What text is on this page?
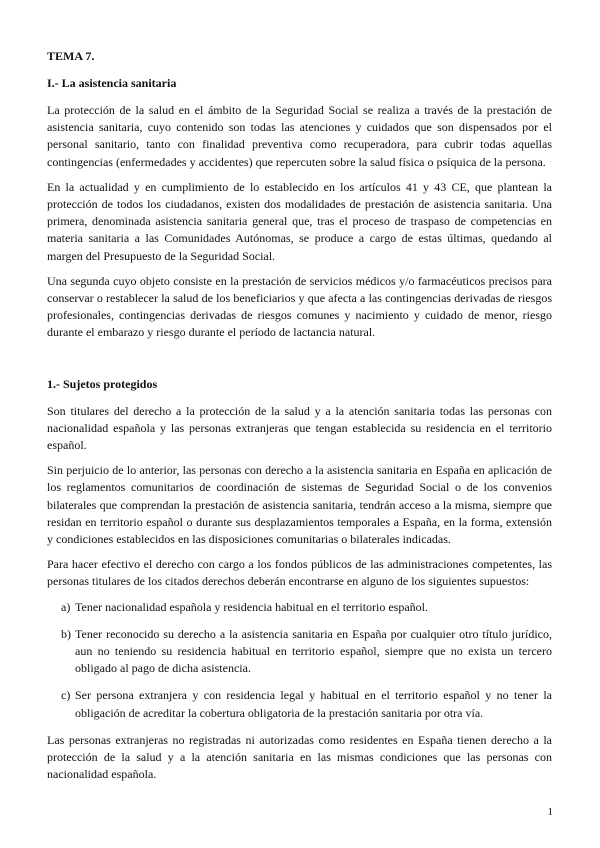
TEMA 7.
I.- La asistencia sanitaria

La protección de la salud en el ámbito de la Seguridad Social se realiza a través de la prestación de asistencia sanitaria, cuyo contenido son todas las atenciones y cuidados que son dispensados por el personal sanitario, tanto con finalidad preventiva como recuperadora, para cubrir todas aquellas contingencias (enfermedades y accidentes) que repercuten sobre la salud física o psíquica de la persona.

En la actualidad y en cumplimiento de lo establecido en los artículos 41 y 43 CE, que plantean la protección de todos los ciudadanos, existen dos modalidades de prestación de asistencia sanitaria. Una primera, denominada asistencia sanitaria general que, tras el proceso de traspaso de competencias en materia sanitaria a las Comunidades Autónomas, se produce a cargo de estas últimas, quedando al margen del Presupuesto de la Seguridad Social.

Una segunda cuyo objeto consiste en la prestación de servicios médicos y/o farmacéuticos precisos para conservar o restablecer la salud de los beneficiarios y que afecta a las contingencias derivadas de riesgos profesionales, contingencias derivadas de riesgos comunes y nacimiento y cuidado de menor, riesgo durante el embarazo y riesgo durante el período de lactancia natural.

1.- Sujetos protegidos

Son titulares del derecho a la protección de la salud y a la atención sanitaria todas las personas con nacionalidad española y las personas extranjeras que tengan establecida su residencia en el territorio español.

Sin perjuicio de lo anterior, las personas con derecho a la asistencia sanitaria en España en aplicación de los reglamentos comunitarios de coordinación de sistemas de Seguridad Social o de los convenios bilaterales que comprendan la prestación de asistencia sanitaria, tendrán acceso a la misma, siempre que residan en territorio español o durante sus desplazamientos temporales a España, en la forma, extensión y condiciones establecidos en las disposiciones comunitarias o bilaterales indicadas.

Para hacer efectivo el derecho con cargo a los fondos públicos de las administraciones competentes, las personas titulares de los citados derechos deberán encontrarse en alguno de los siguientes supuestos:

a) Tener nacionalidad española y residencia habitual en el territorio español.
b) Tener reconocido su derecho a la asistencia sanitaria en España por cualquier otro título jurídico, aun no teniendo su residencia habitual en territorio español, siempre que no exista un tercero obligado al pago de dicha asistencia.
c) Ser persona extranjera y con residencia legal y habitual en el territorio español y no tener la obligación de acreditar la cobertura obligatoria de la prestación sanitaria por otra vía.

Las personas extranjeras no registradas ni autorizadas como residentes en España tienen derecho a la protección de la salud y a la atención sanitaria en las mismas condiciones que las personas con nacionalidad española.

1
